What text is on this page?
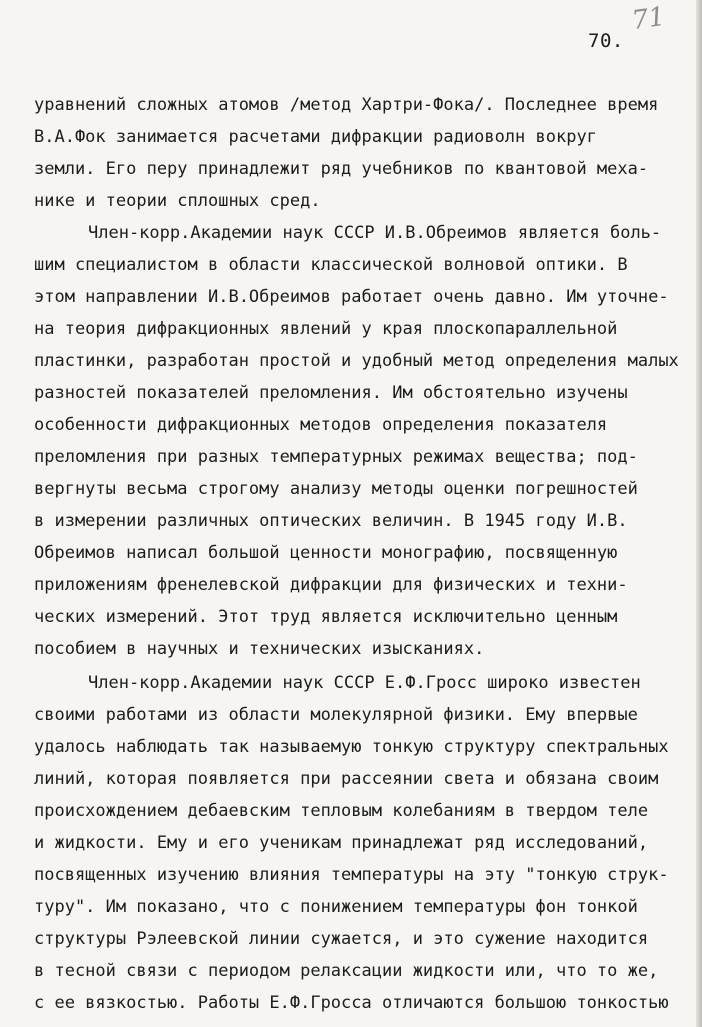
70.
71
уравнений сложных атомов /метод Хартри-Фока/. Последнее время
В.А.Фок занимается расчетами дифракции радиоволн вокруг
земли. Его перу принадлежит ряд учебников по квантовой меха-
нике и теории сплошных сред.
Член-корр.Академии наук СССР И.В.Обреимов является боль-
шим специалистом в области классической волновой оптики. В
этом направлении И.В.Обреимов работает очень давно. Им уточне-
на теория дифракционных явлений у края плоскопараллельной
пластинки, разработан простой и удобный метод определения малых
разностей показателей преломления. Им обстоятельно изучены
особенности дифракционных методов определения показателя
преломления при разных температурных режимах вещества; под-
вергнуты весьма строгому анализу методы оценки погрешностей
в измерении различных оптических величин. В 1945 году И.В.
Обреимов написал большой ценности монографию, посвященную
приложениям френелевской дифракции для физических и техни-
ческих измерений. Этот труд является исключительно ценным
пособием в научных и технических изысканиях.
Член-корр.Академии наук СССР Е.Ф.Гросс широко известен
своими работами из области молекулярной физики. Ему впервые
удалось наблюдать так называемую тонкую структуру спектральных
линий, которая появляется при рассеянии света и обязана своим
происхождением дебаевским тепловым колебаниям в твердом теле
и жидкости. Ему и его ученикам принадлежат ряд исследований,
посвященных изучению влияния температуры на эту "тонкую струк-
туру". Им показано, что с понижением температуры фон тонкой
структуры Рэлеевской линии сужается, и это сужение находится
в тесной связи с периодом релаксации жидкости или, что то же,
с ее вязкостью. Работы Е.Ф.Гросса отличаются большою тонкостью
